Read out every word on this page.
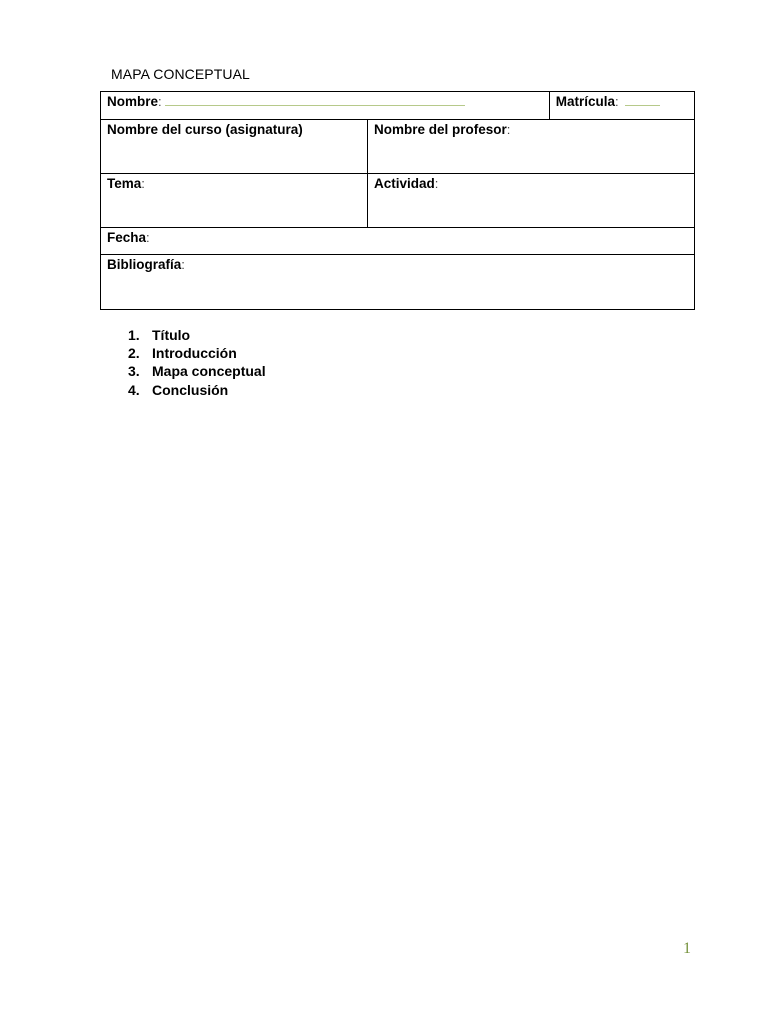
MAPA CONCEPTUAL
Nombre:		Matrícula:

Nombre del curso (asignatura)	Nombre del profesor:	
Tema:	Actividad:	
Fecha:		
Bibliografía:		
1. Título
2. Introducción
3. Mapa conceptual
4. Conclusión
1
